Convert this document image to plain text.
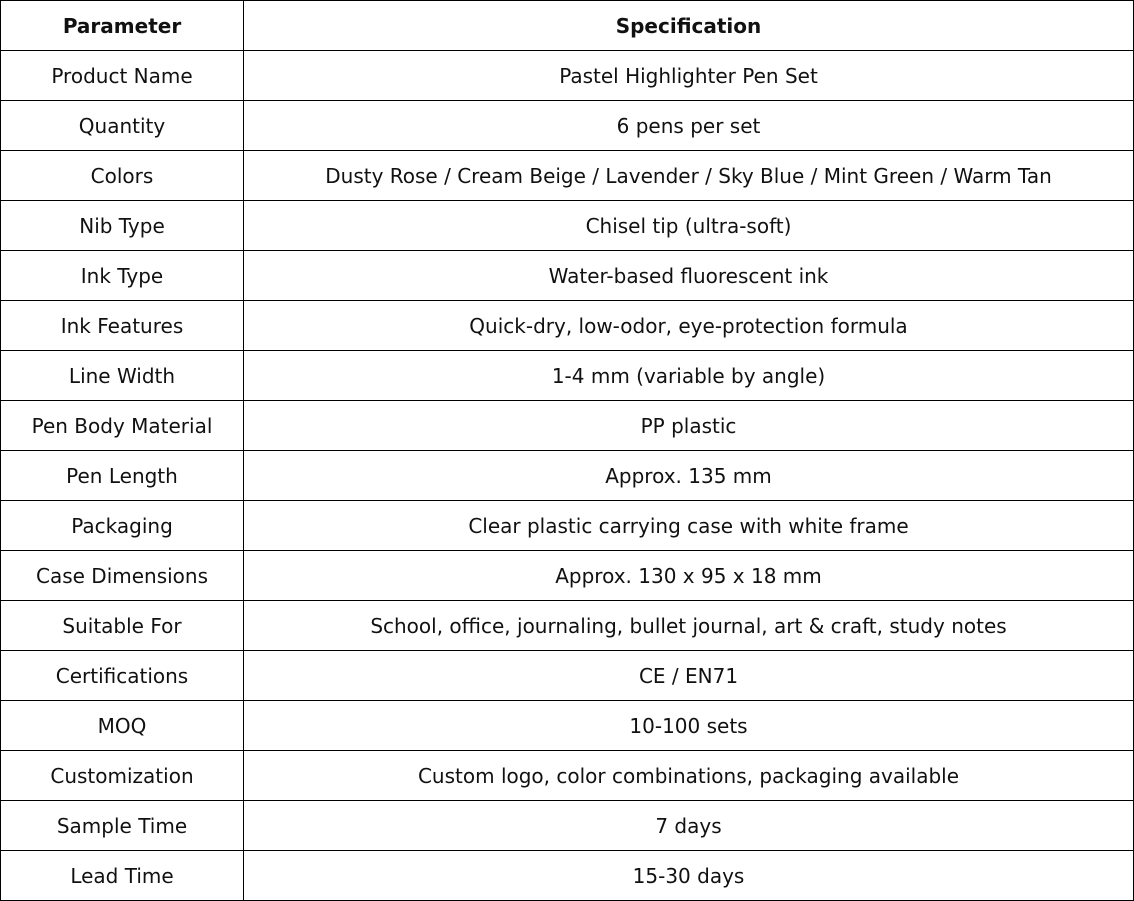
Parameter	Specification
Product Name	Pastel Highlighter Pen Set
Quantity	6 pens per set
Colors	Dusty Rose / Cream Beige / Lavender / Sky Blue / Mint Green / Warm Tan
Nib Type	Chisel tip (ultra-soft)
Ink Type	Water-based fluorescent ink
Ink Features	Quick-dry, low-odor, eye-protection formula
Line Width	1-4 mm (variable by angle)
Pen Body Material	PP plastic
Pen Length	Approx. 135 mm
Packaging	Clear plastic carrying case with white frame
Case Dimensions	Approx. 130 x 95 x 18 mm
Suitable For	School, office, journaling, bullet journal, art & craft, study notes
Certifications	CE / EN71
MOQ	10-100 sets
Customization	Custom logo, color combinations, packaging available
Sample Time	7 days
Lead Time	15-30 days
